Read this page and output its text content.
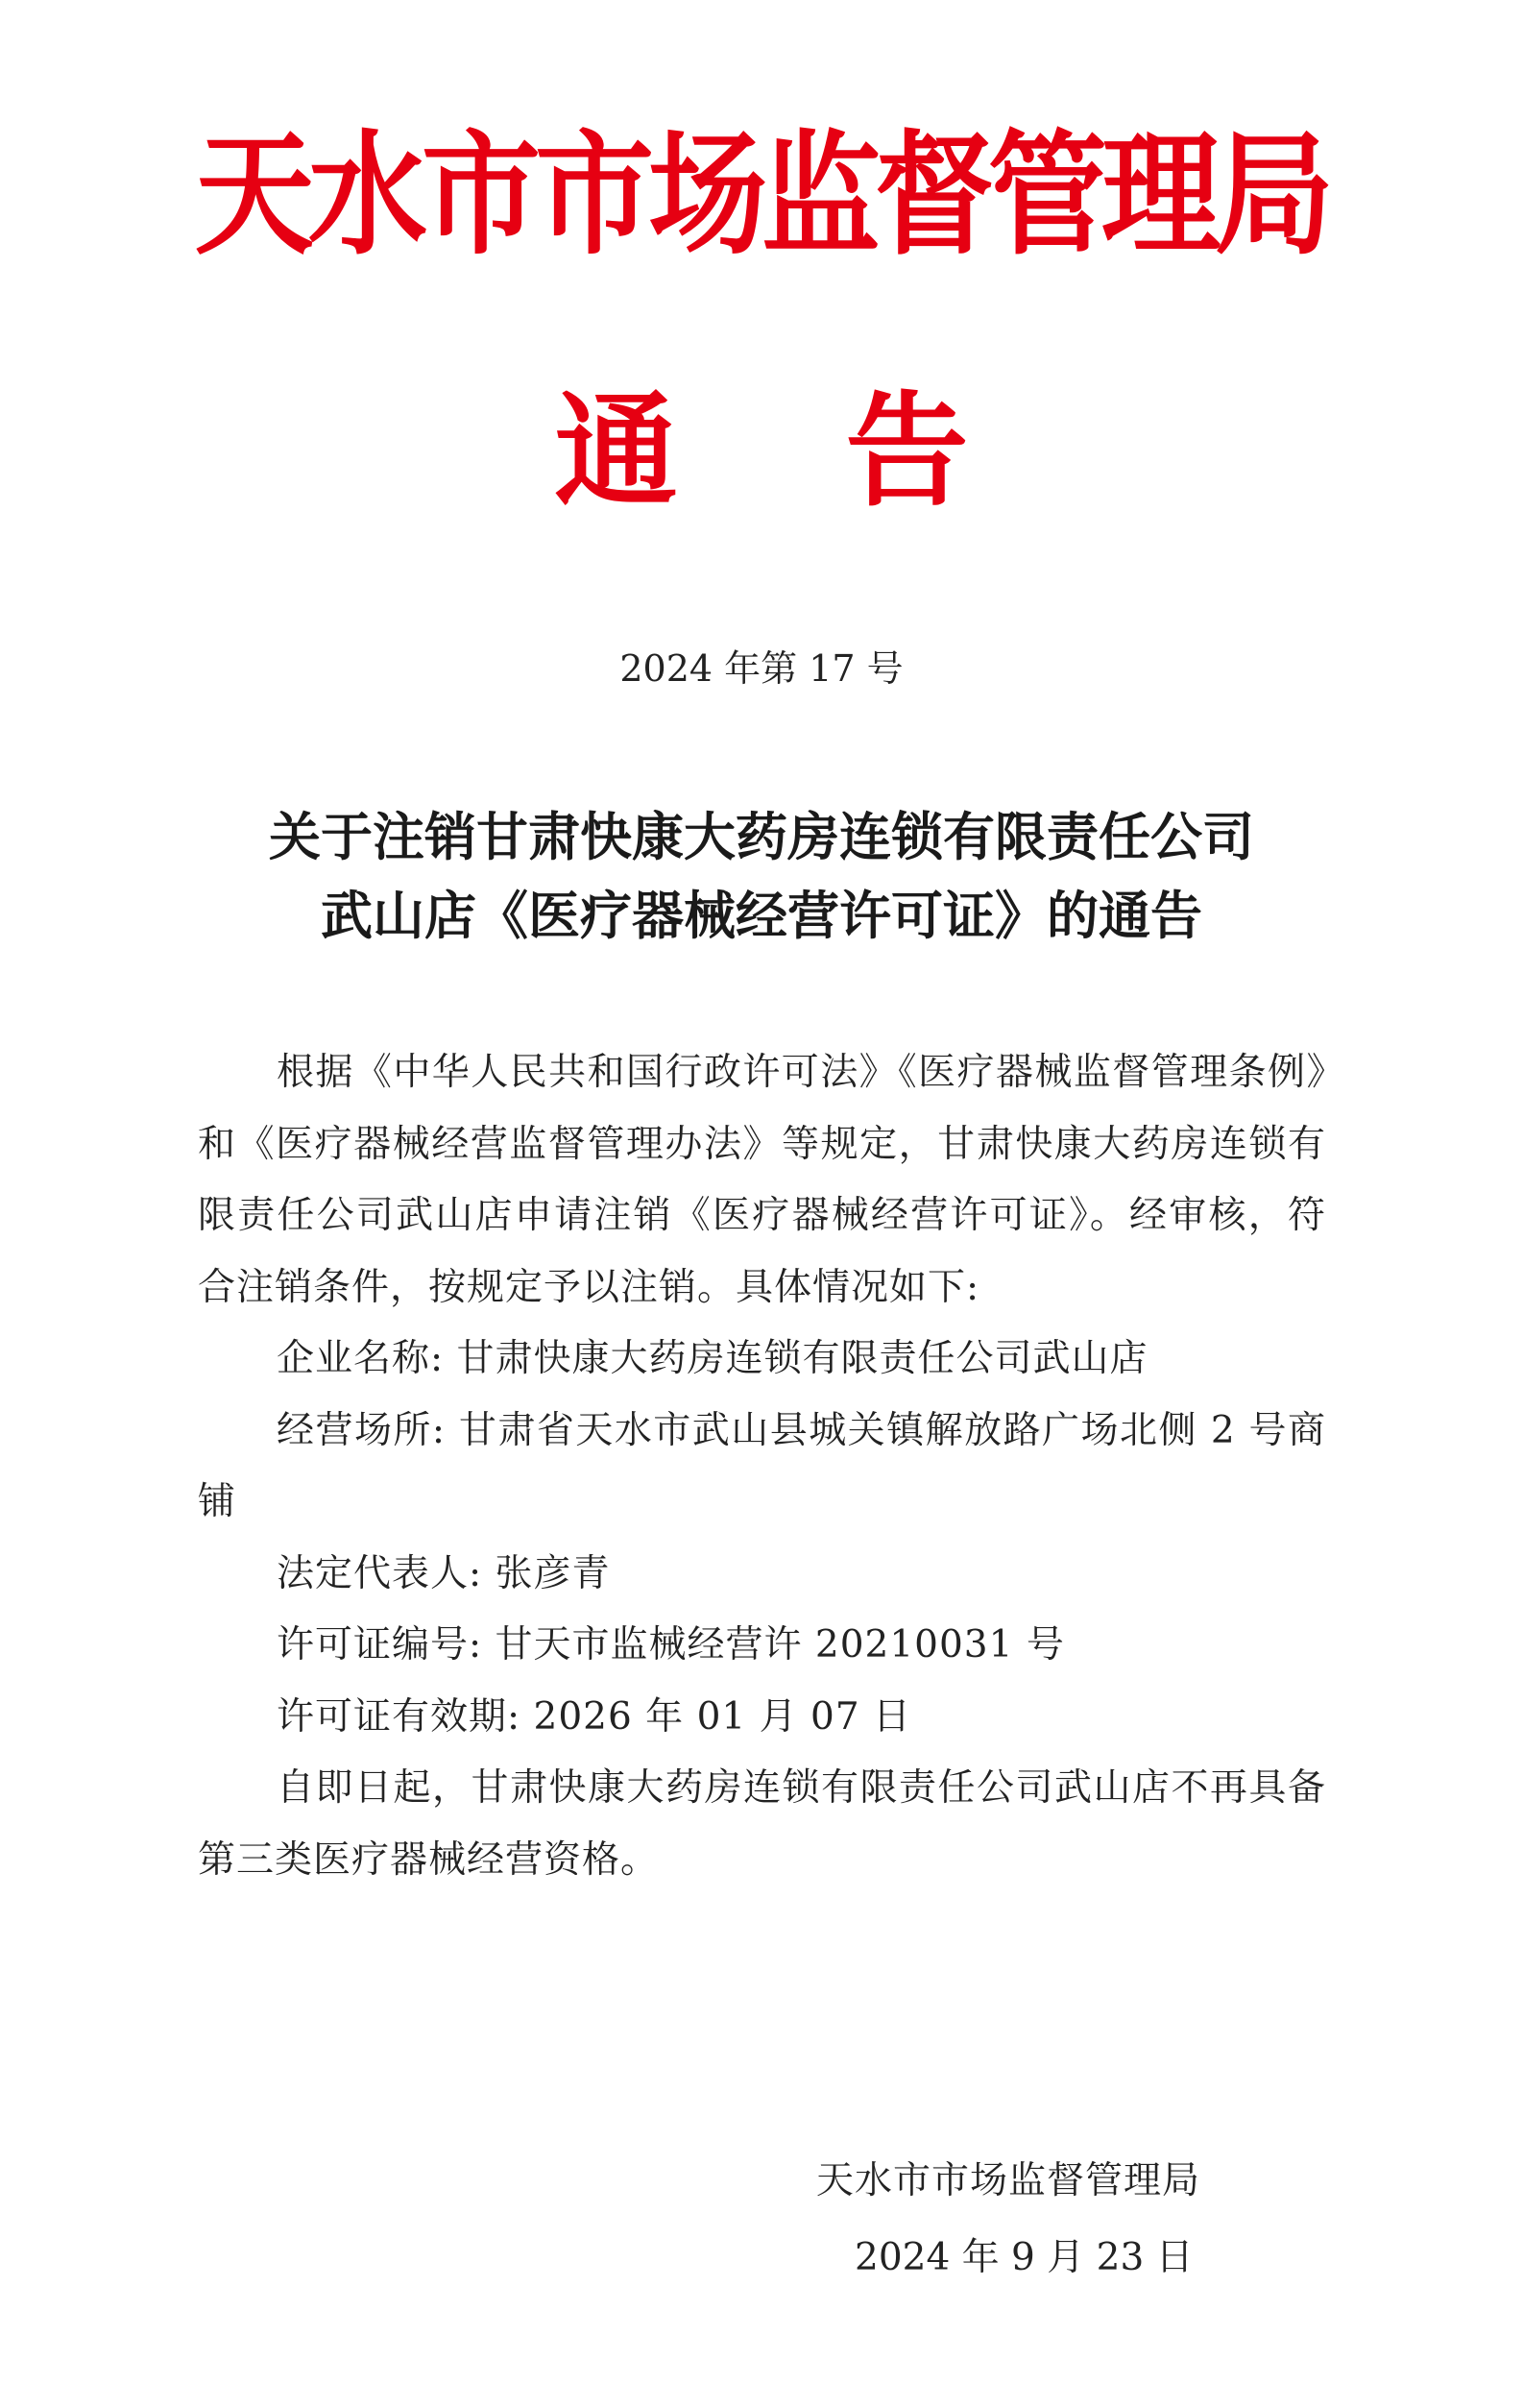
天水市市场监督管理局
通 告
2024 年第 17 号
关于注销甘肃快康大药房连锁有限责任公司
武山店《医疗器械经营许可证》的通告

根据《中华人民共和国行政许可法》《医疗器械监督管理条例》和《医疗器械经营监督管理办法》等规定，甘肃快康大药房连锁有限责任公司武山店申请注销《医疗器械经营许可证》。经审核，符合注销条件，按规定予以注销。具体情况如下:

企业名称: 甘肃快康大药房连锁有限责任公司武山店

经营场所: 甘肃省天水市武山县城关镇解放路广场北侧 2 号商铺

法定代表人: 张彦青

许可证编号: 甘天市监械经营许 20210031 号

许可证有效期: 2026 年 01 月 07 日

自即日起，甘肃快康大药房连锁有限责任公司武山店不再具备第三类医疗器械经营资格。

天水市市场监督管理局
2024 年 9 月 23 日
